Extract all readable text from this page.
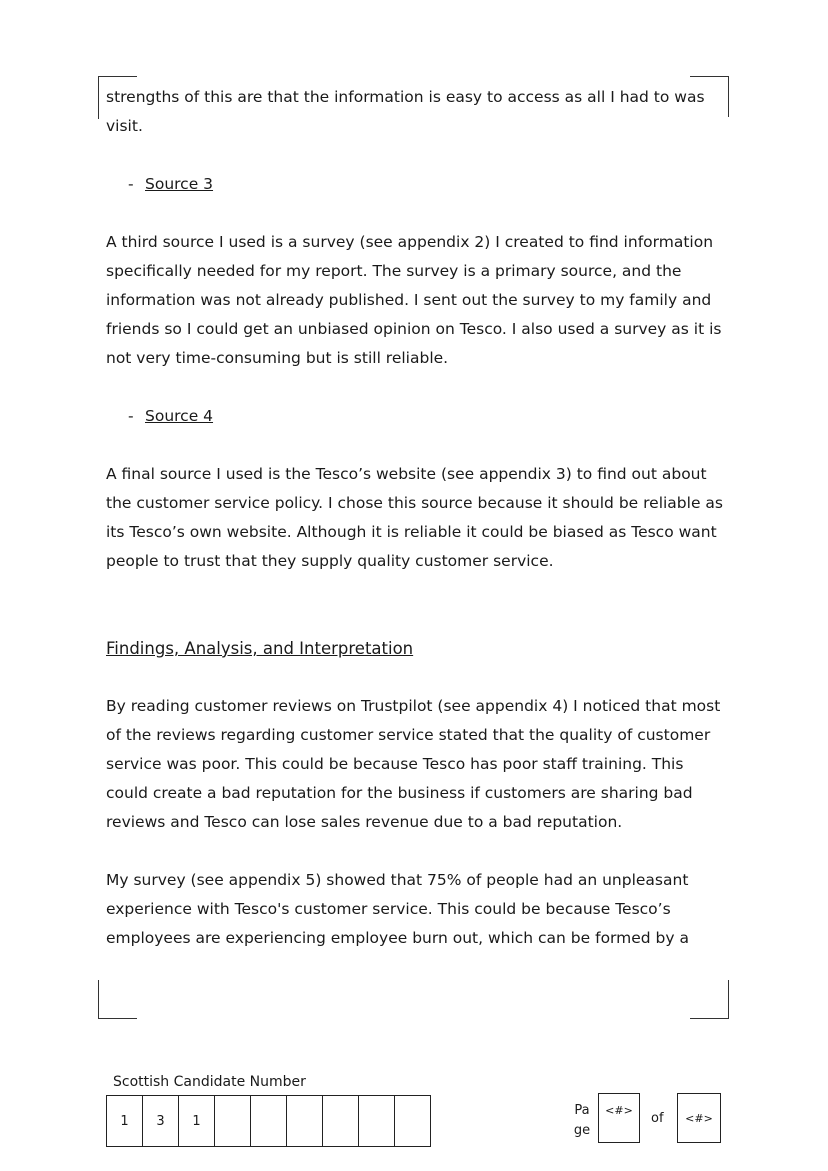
strengths of this are that the information is easy to access as all I had to was visit.

- Source 3

A third source I used is a survey (see appendix 2) I created to find information specifically needed for my report. The survey is a primary source, and the information was not already published. I sent out the survey to my family and friends so I could get an unbiased opinion on Tesco. I also used a survey as it is not very time-consuming but is still reliable.

- Source 4

A final source I used is the Tesco’s website (see appendix 3) to find out about the customer service policy. I chose this source because it should be reliable as its Tesco’s own website. Although it is reliable it could be biased as Tesco want people to trust that they supply quality customer service.

Findings, Analysis, and Interpretation

By reading customer reviews on Trustpilot (see appendix 4) I noticed that most of the reviews regarding customer service stated that the quality of customer service was poor. This could be because Tesco has poor staff training. This could create a bad reputation for the business if customers are sharing bad reviews and Tesco can lose sales revenue due to a bad reputation.

My survey (see appendix 5) showed that 75% of people had an unpleasant experience with Tesco's customer service. This could be because Tesco’s employees are experiencing employee burn out, which can be formed by a

Scottish Candidate Number
1	3	1
Pa ge
<#>
of	<#>
